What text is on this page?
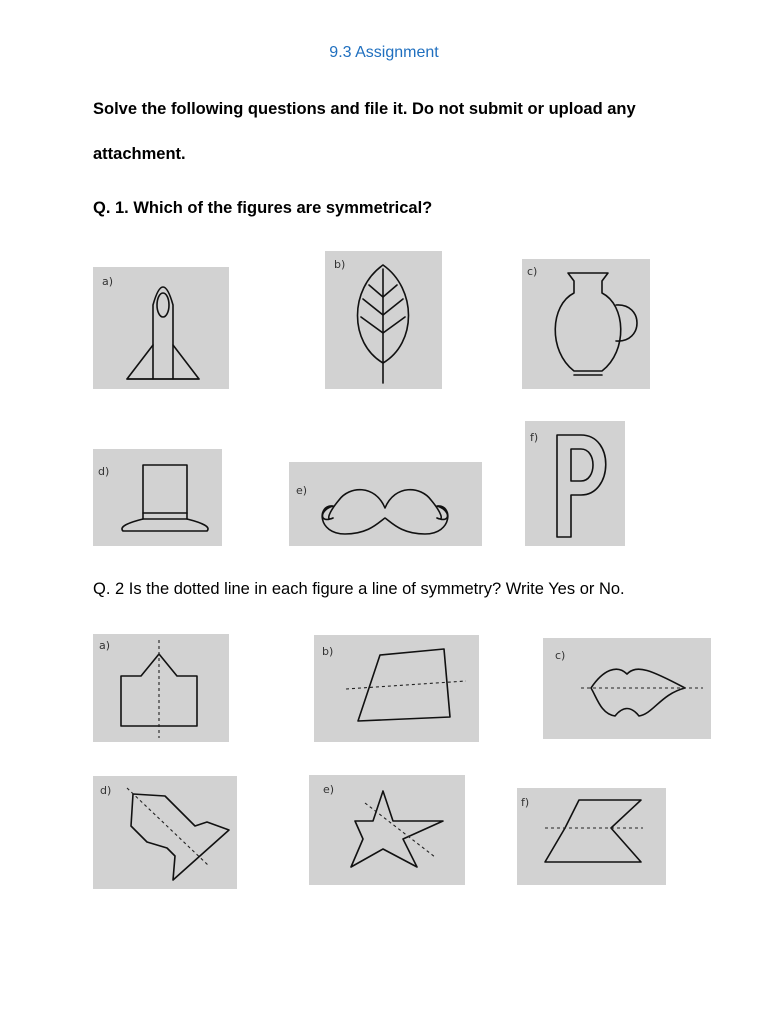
9.3 Assignment
Solve the following questions and file it. Do not submit or upload any
attachment.
Q. 1. Which of the figures are symmetrical?
a)
b)
c)
d)
e)
f)
Q. 2 Is the dotted line in each figure a line of symmetry? Write Yes or No.
a)	b)	c)
d)	e)
f)
